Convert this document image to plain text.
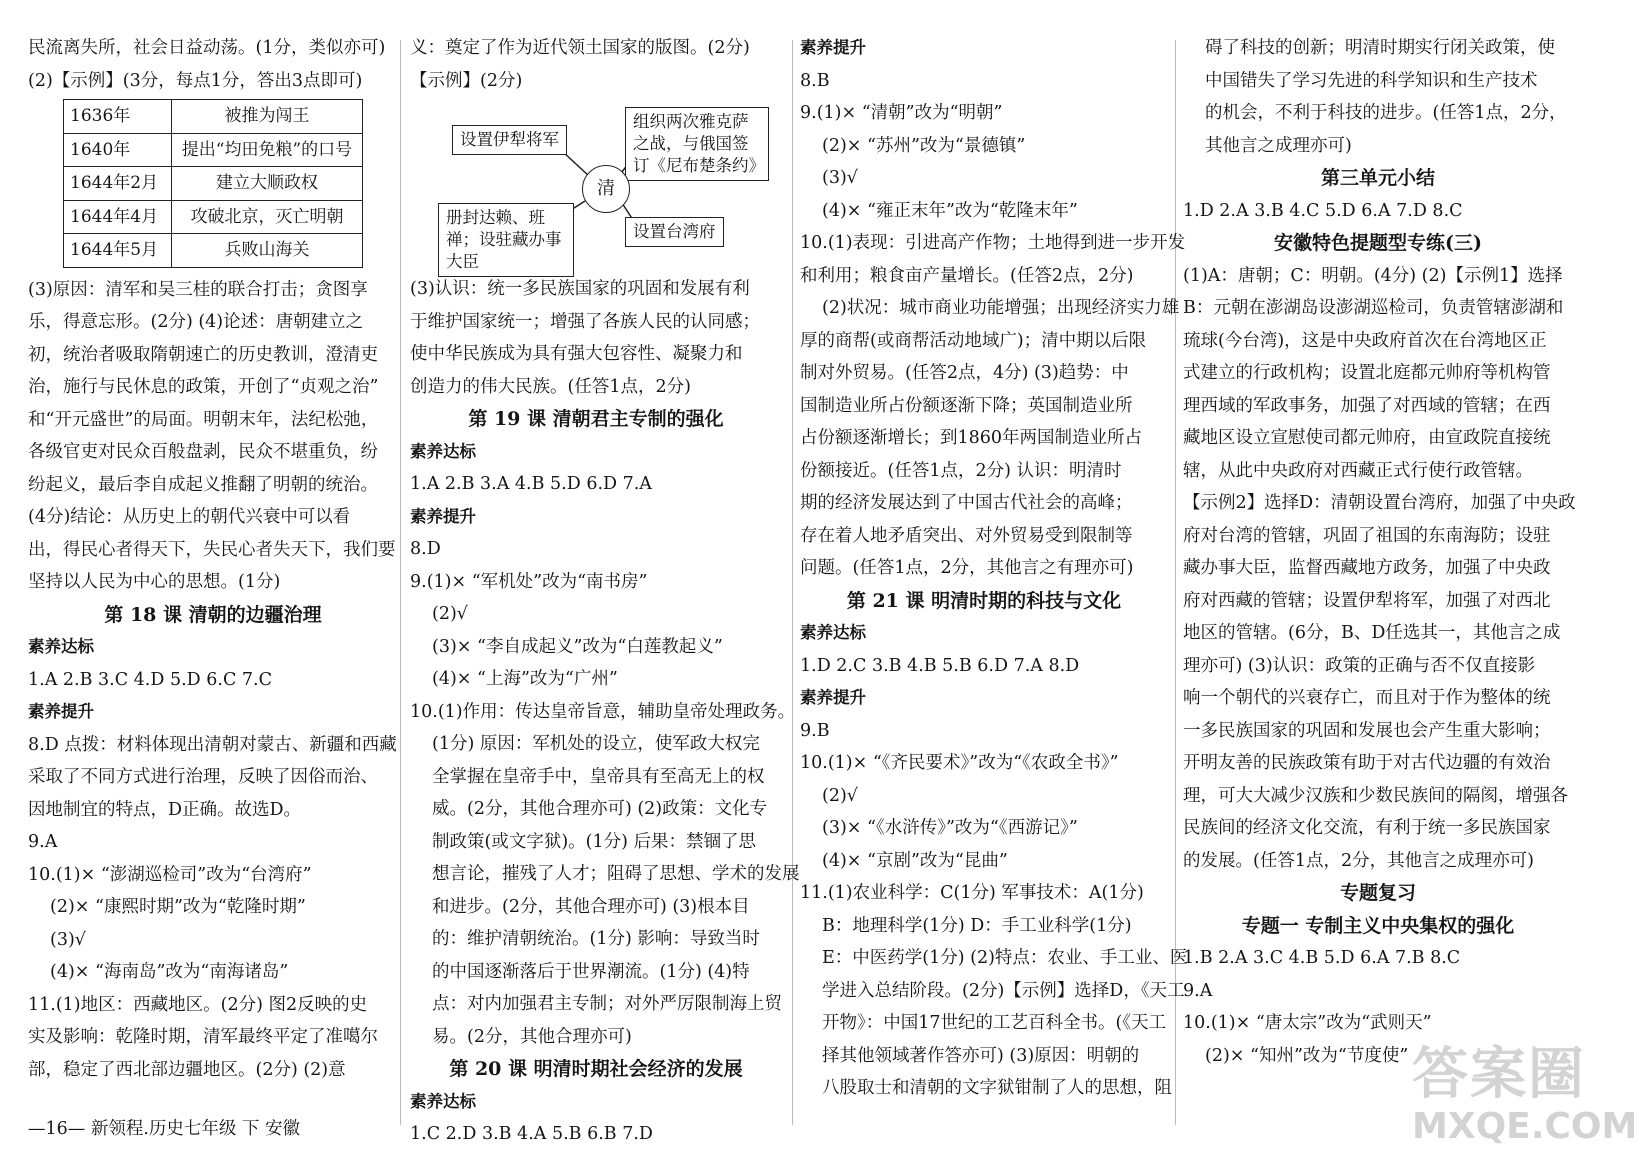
民流离失所，社会日益动荡。(1分，类似亦可)
(2)【示例】(3分，每点1分，答出3点即可)
1636年	被推为闯王
1640年	提出“均田免粮”的口号
1644年2月	建立大顺政权
1644年4月	攻破北京，灭亡明朝
1644年5月	兵败山海关
(3)原因：清军和吴三桂的联合打击；贪图享
乐，得意忘形。(2分) (4)论述：唐朝建立之
初，统治者吸取隋朝速亡的历史教训，澄清吏
治，施行与民休息的政策，开创了“贞观之治”
和“开元盛世”的局面。明朝末年，法纪松弛，
各级官吏对民众百般盘剥，民众不堪重负，纷
纷起义，最后李自成起义推翻了明朝的统治。
(4分)结论：从历史上的朝代兴衰中可以看
出，得民心者得天下，失民心者失天下，我们要
坚持以人民为中心的思想。(1分)
第 18 课 清朝的边疆治理
素养达标
1.A 2.B 3.C 4.D 5.D 6.C 7.C
素养提升
8.D 点拨：材料体现出清朝对蒙古、新疆和西藏
采取了不同方式进行治理，反映了因俗而治、
因地制宜的特点，D正确。故选D。
9.A
10.(1)× “澎湖巡检司”改为“台湾府”
(2)× “康熙时期”改为“乾隆时期”
(3)√
(4)× “海南岛”改为“南海诸岛”
11.(1)地区：西藏地区。(2分) 图2反映的史
实及影响：乾隆时期，清军最终平定了准噶尔
部，稳定了西北部边疆地区。(2分) (2)意
义：奠定了作为近代领土国家的版图。(2分)
【示例】(2分)
设置伊犁将军
组织两次雅克萨之战，与俄国签订《尼布楚条约》
清
册封达赖、班禅；设驻藏办事大臣
设置台湾府
(3)认识：统一多民族国家的巩固和发展有利
于维护国家统一；增强了各族人民的认同感；
使中华民族成为具有强大包容性、凝聚力和
创造力的伟大民族。(任答1点，2分)
第 19 课 清朝君主专制的强化
素养达标
1.A 2.B 3.A 4.B 5.D 6.D 7.A
素养提升
8.D
9.(1)× “军机处”改为“南书房”
(2)√
(3)× “李自成起义”改为“白莲教起义”
(4)× “上海”改为“广州”
10.(1)作用：传达皇帝旨意，辅助皇帝处理政务。
(1分) 原因：军机处的设立，使军政大权完
全掌握在皇帝手中，皇帝具有至高无上的权
威。(2分，其他合理亦可) (2)政策：文化专
制政策(或文字狱)。(1分) 后果：禁锢了思
想言论，摧残了人才；阻碍了思想、学术的发展
和进步。(2分，其他合理亦可) (3)根本目
的：维护清朝统治。(1分) 影响：导致当时
的中国逐渐落后于世界潮流。(1分) (4)特
点：对内加强君主专制；对外严厉限制海上贸
易。(2分，其他合理亦可)
第 20 课 明清时期社会经济的发展
素养达标
1.C 2.D 3.B 4.A 5.B 6.B 7.D
素养提升
8.B
9.(1)× “清朝”改为“明朝”
(2)× “苏州”改为“景德镇”
(3)√
(4)× “雍正末年”改为“乾隆末年”
10.(1)表现：引进高产作物；土地得到进一步开发
和利用；粮食亩产量增长。(任答2点，2分)
(2)状况：城市商业功能增强；出现经济实力雄
厚的商帮(或商帮活动地域广)；清中期以后限
制对外贸易。(任答2点，4分) (3)趋势：中
国制造业所占份额逐渐下降；英国制造业所
占份额逐渐增长；到1860年两国制造业所占
份额接近。(任答1点，2分) 认识：明清时
期的经济发展达到了中国古代社会的高峰；
存在着人地矛盾突出、对外贸易受到限制等
问题。(任答1点，2分，其他言之有理亦可)
第 21 课 明清时期的科技与文化
素养达标
1.D 2.C 3.B 4.B 5.B 6.D 7.A 8.D
素养提升
9.B
10.(1)× “《齐民要术》”改为“《农政全书》”
(2)√
(3)× “《水浒传》”改为“《西游记》”
(4)× “京剧”改为“昆曲”
11.(1)农业科学：C(1分) 军事技术：A(1分)
B：地理科学(1分) D：手工业科学(1分)
E：中医药学(1分) (2)特点：农业、手工业、医
学进入总结阶段。(2分)【示例】选择D，《天工
开物》：中国17世纪的工艺百科全书。(《天工
择其他领域著作答亦可) (3)原因：明朝的
八股取士和清朝的文字狱钳制了人的思想，阻
碍了科技的创新；明清时期实行闭关政策，使
中国错失了学习先进的科学知识和生产技术
的机会，不利于科技的进步。(任答1点，2分，
其他言之成理亦可)
第三单元小结
1.D 2.A 3.B 4.C 5.D 6.A 7.D 8.C
安徽特色提题型专练(三)
(1)A：唐朝；C：明朝。(4分) (2)【示例1】选择
B：元朝在澎湖岛设澎湖巡检司，负责管辖澎湖和
琉球(今台湾)，这是中央政府首次在台湾地区正
式建立的行政机构；设置北庭都元帅府等机构管
理西域的军政事务，加强了对西域的管辖；在西
藏地区设立宣慰使司都元帅府，由宣政院直接统
辖，从此中央政府对西藏正式行使行政管辖。
【示例2】选择D：清朝设置台湾府，加强了中央政
府对台湾的管辖，巩固了祖国的东南海防；设驻
藏办事大臣，监督西藏地方政务，加强了中央政
府对西藏的管辖；设置伊犁将军，加强了对西北
地区的管辖。(6分，B、D任选其一，其他言之成
理亦可) (3)认识：政策的正确与否不仅直接影
响一个朝代的兴衰存亡，而且对于作为整体的统
一多民族国家的巩固和发展也会产生重大影响；
开明友善的民族政策有助于对古代边疆的有效治
理，可大大减少汉族和少数民族间的隔阂，增强各
民族间的经济文化交流，有利于统一多民族国家
的发展。(任答1点，2分，其他言之成理亦可)
专题复习
专题一 专制主义中央集权的强化
1.B 2.A 3.C 4.B 5.D 6.A 7.B 8.C
9.A
10.(1)× “唐太宗”改为“武则天”
(2)× “知州”改为“节度使”
—16— 新领程.历史七年级 下 安徽
答案圈
MXQE.COM
